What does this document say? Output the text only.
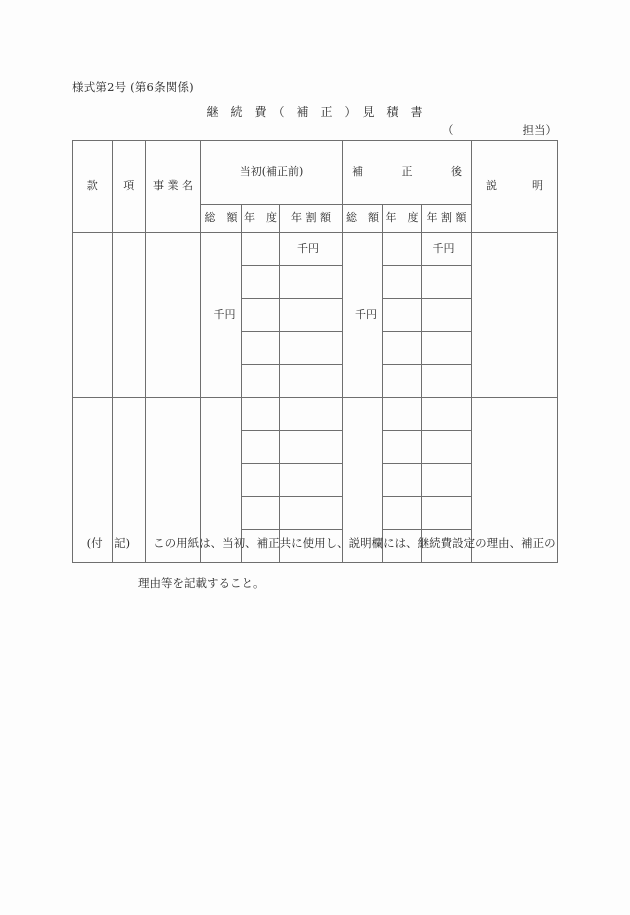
様式第2号 (第6条関係)
継　続　費　（　補　正　）　見　積　書
（　　　　　　担当）
款	項	事 業 名	当初(補正前)			補 正 後			説 明

			総　額	年　度	年 割 額	総　額	年　度	年 割 額	
			千円		千円	千円		千円	

(付　記)　　この用紙は、当初、補正共に使用し、説明欄には、継続費設定の理由、補正の

理由等を記載すること。
